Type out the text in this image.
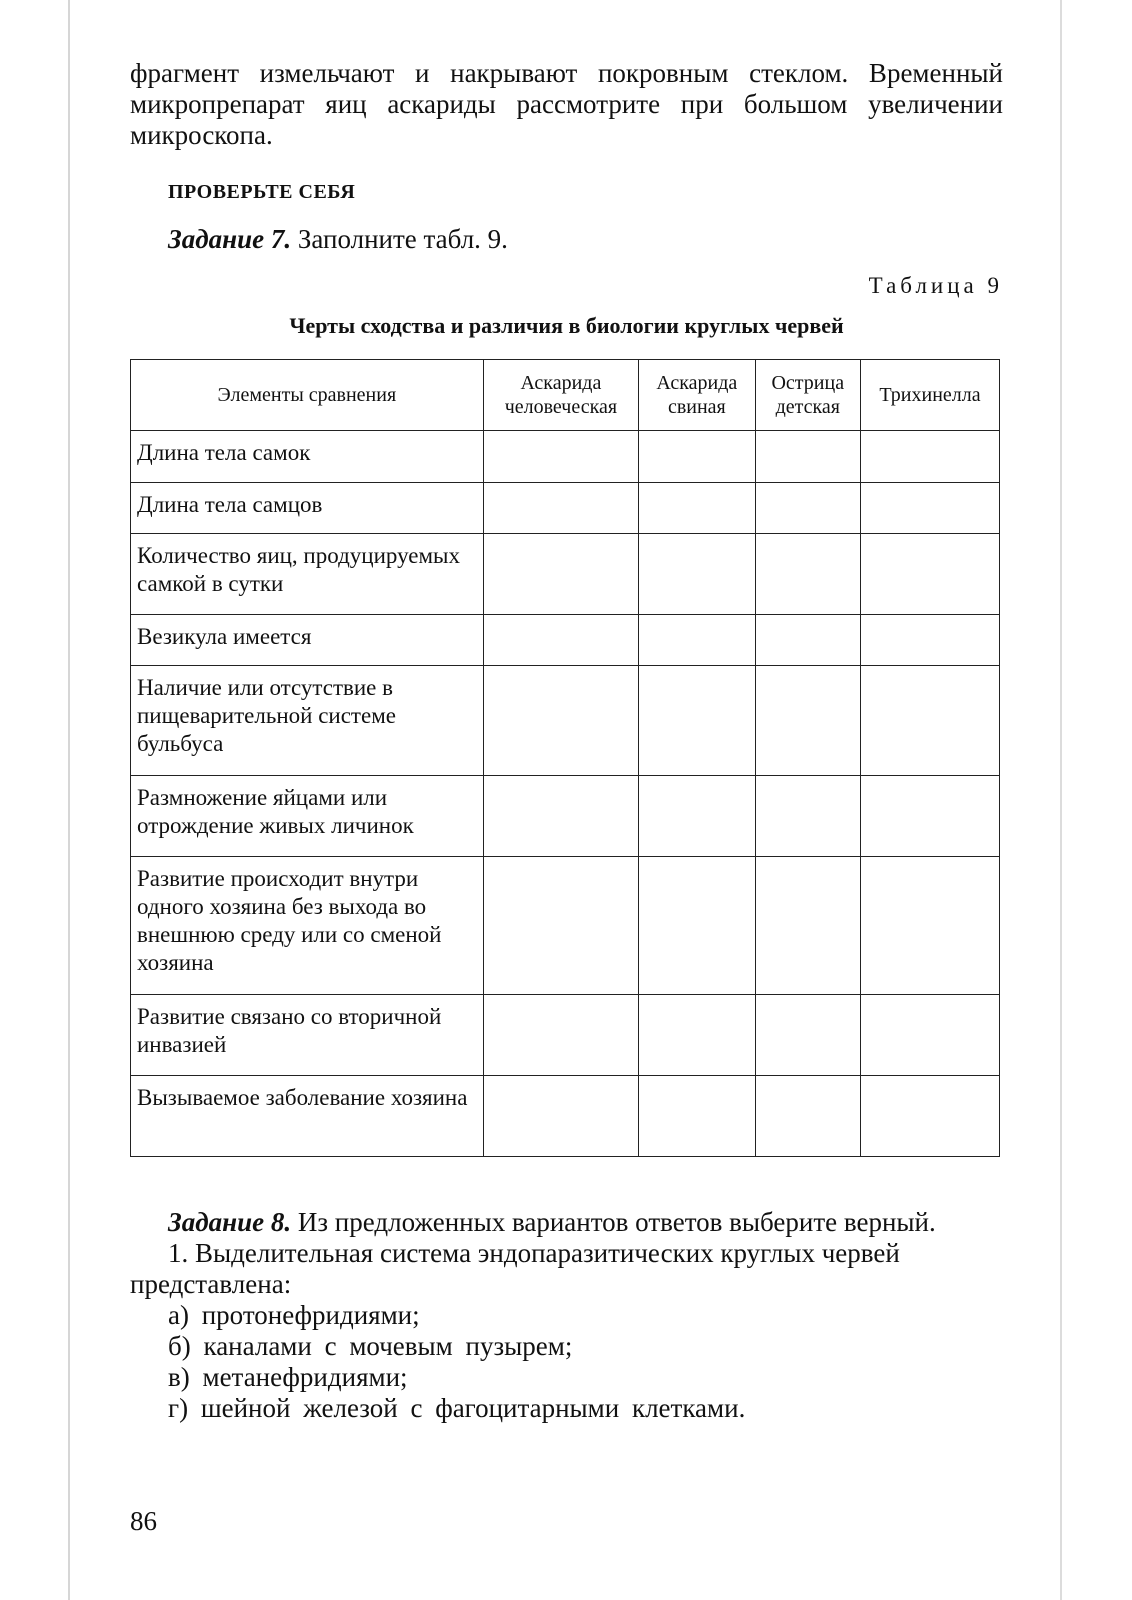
фрагмент измельчают и накрывают покровным стеклом. Временный микропрепарат яиц аскариды рассмотрите при большом увеличении микроскопа.

ПРОВЕРЬТЕ СЕБЯ

Задание 7. Заполните табл. 9.

Таблица 9
Черты сходства и различия в биологии круглых червей
Элементы сравнения	Аскарида человеческая	Аскарида свиная	Острица детская	Трихинелла
Длина тела самок				
Длина тела самцов				
Количество яиц, продуцируемых самкой в сутки				
Везикула имеется				
Наличие или отсутствие в пищеварительной системе бульбуса				
Размножение яйцами или отрождение живых личинок				
Развитие происходит внутри одного хозяина без выхода во внешнюю среду или со сменой хозяина				
Развитие связано со вторичной инвазией				
Вызываемое заболевание хозяина				

Задание 8. Из предложенных вариантов ответов выберите верный.

1. Выделительная система эндопаразитических круглых червей представлена:

а) протонефридиями;
б) каналами с мочевым пузырем;
в) метанефридиями;
г) шейной железой с фагоцитарными клетками.
86
